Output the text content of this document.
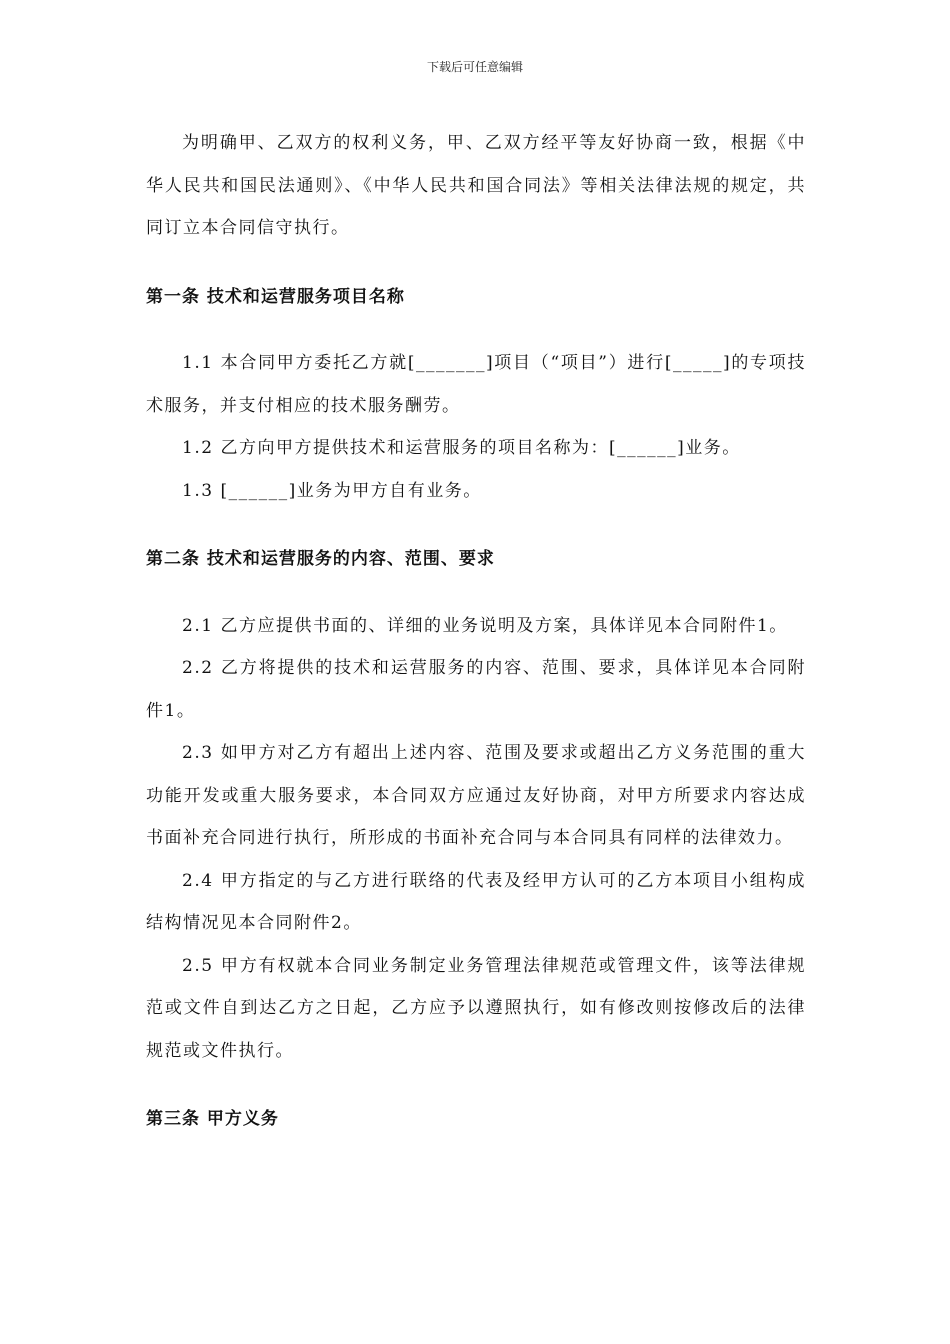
下载后可任意编辑

为明确甲、乙双方的权利义务，甲、乙双方经平等友好协商一致，根据《中华人民共和国民法通则》、《中华人民共和国合同法》等相关法律法规的规定，共同订立本合同信守执行。

第一条 技术和运营服务项目名称

1.1 本合同甲方委托乙方就[_______]项目（“项目”）进行[_____]的专项技术服务，并支付相应的技术服务酬劳。

1.2 乙方向甲方提供技术和运营服务的项目名称为：[______]业务。

1.3 [______]业务为甲方自有业务。

第二条 技术和运营服务的内容、范围、要求

2.1 乙方应提供书面的、详细的业务说明及方案，具体详见本合同附件1。

2.2 乙方将提供的技术和运营服务的内容、范围、要求，具体详见本合同附件1。

2.3 如甲方对乙方有超出上述内容、范围及要求或超出乙方义务范围的重大功能开发或重大服务要求，本合同双方应通过友好协商，对甲方所要求内容达成书面补充合同进行执行，所形成的书面补充合同与本合同具有同样的法律效力。

2.4 甲方指定的与乙方进行联络的代表及经甲方认可的乙方本项目小组构成结构情况见本合同附件2。

2.5 甲方有权就本合同业务制定业务管理法律规范或管理文件，该等法律规范或文件自到达乙方之日起，乙方应予以遵照执行，如有修改则按修改后的法律规范或文件执行。

第三条 甲方义务
